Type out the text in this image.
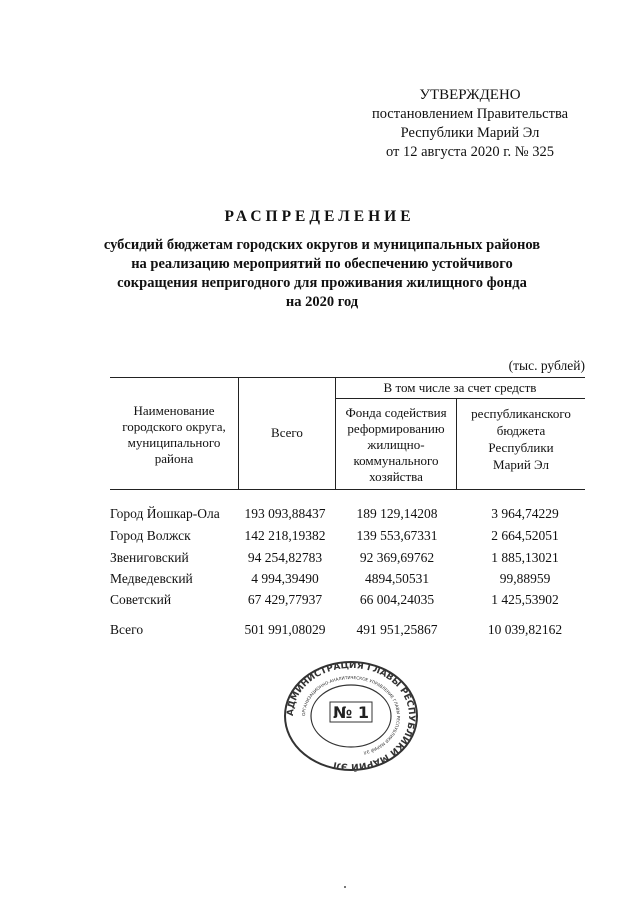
УТВЕРЖДЕНО
постановлением Правительства
Республики Марий Эл
от 12 августа 2020 г. № 325
РАСПРЕДЕЛЕНИЕ
субсидий бюджетам городских округов и муниципальных районов
на реализацию мероприятий по обеспечению устойчивого
сокращения непригодного для проживания жилищного фонда
на 2020 год
(тыс. рублей)
Наименование
городского округа,
муниципального
района
Всего
В том числе за счет средств
Фонда содействия
реформированию
жилищно-
коммунального
хозяйства
республиканского
бюджета
Республики
Марий Эл
Город Йошкар-Ола	193 093,88437	189 129,14208	3 964,74229
Город Волжск	142 218,19382	139 553,67331	2 664,52051
Звениговский	94 254,82783	92 369,69762	1 885,13021
Медведевский	4 994,39490	4894,50531	99,88959
Советский	67 429,77937	66 004,24035	1 425,53902
Всего	501 991,08029	491 951,25867	10 039,82162
АДМИНИСТРАЦИЯ ГЛАВЫ РЕСПУБЛИКИ МАРИЙ ЭЛ
ОРГАНИЗАЦИОННО-АНАЛИТИЧЕСКОЕ УПРАВЛЕНИЕ ГЛАВЫ РЕСПУБЛИКИ МАРИЙ ЭЛ
№ 1
